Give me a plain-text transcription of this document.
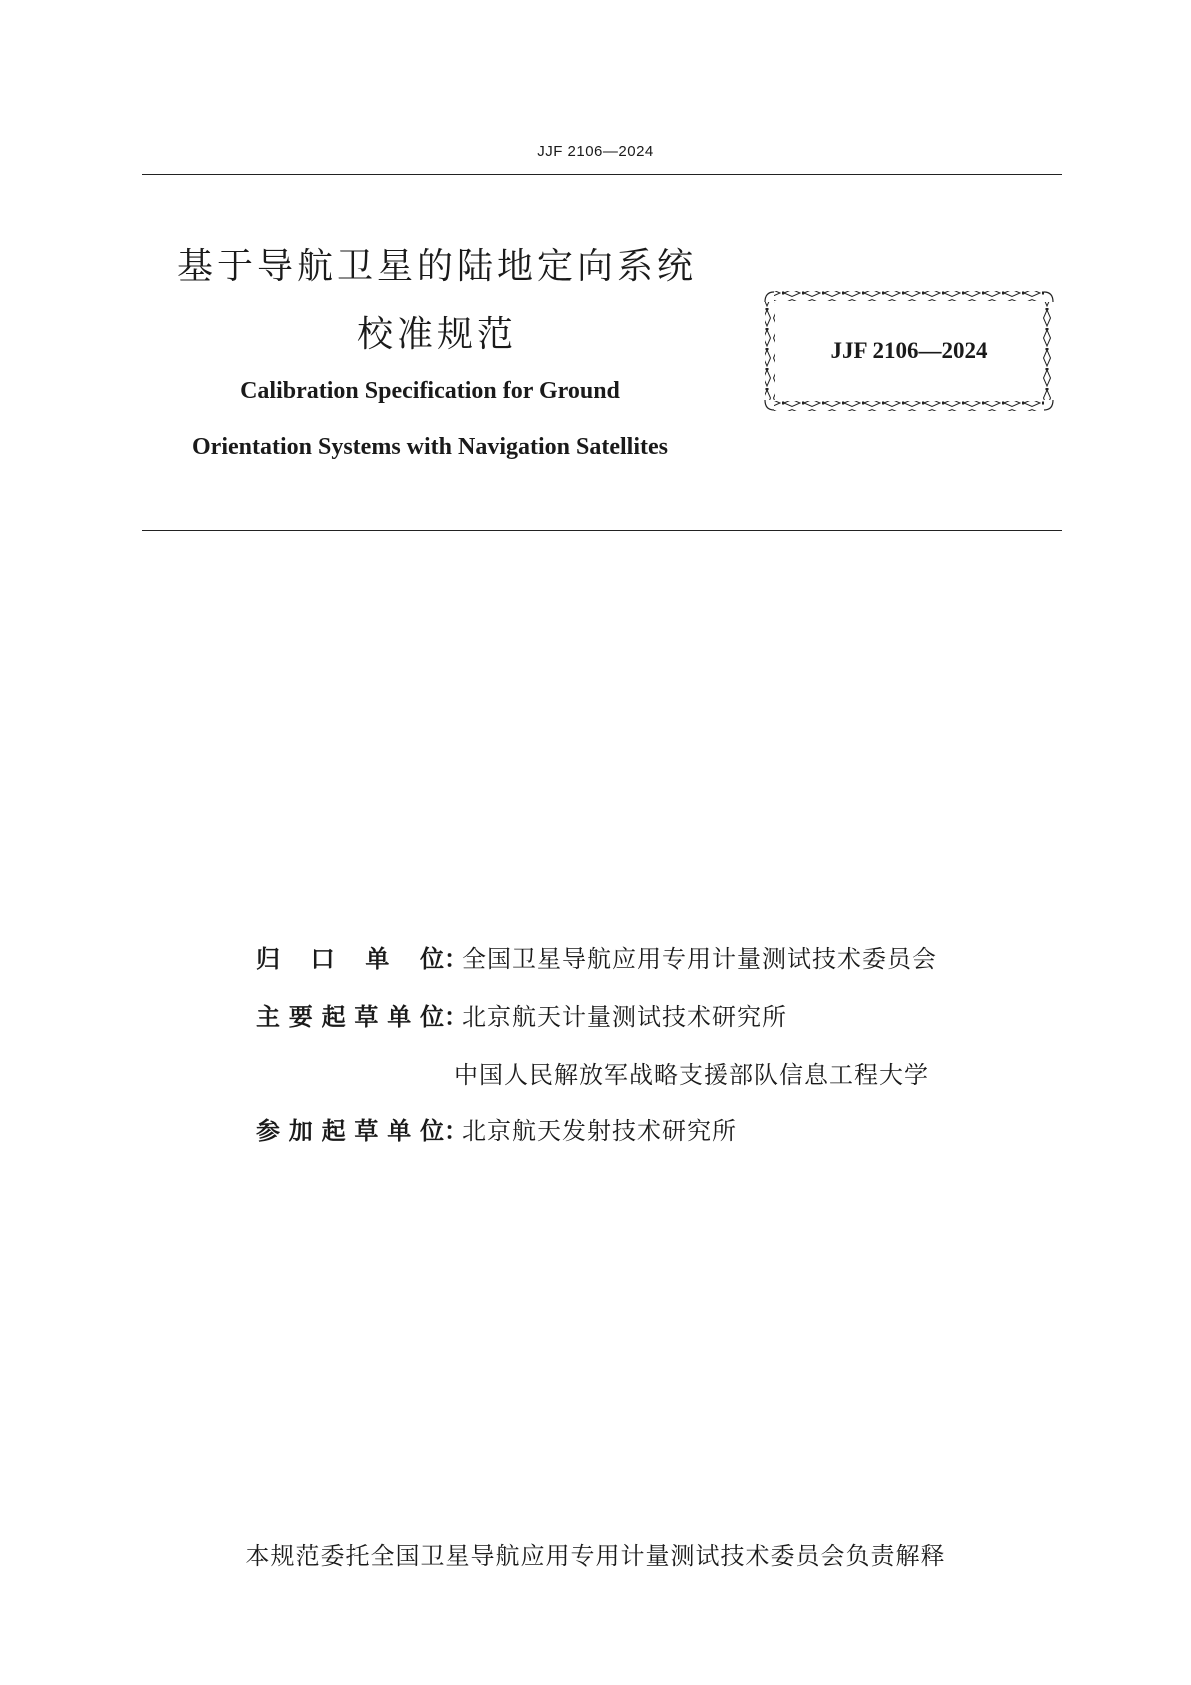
JJF 2106—2024
基于导航卫星的陆地定向系统
校准规范
Calibration Specification for Ground
Orientation Systems with Navigation Satellites
JJF 2106—2024
归口单位 ：
全国卫星导航应用专用计量测试技术委员会
主要起草单位 ：
北京航天计量测试技术研究所
中国人民解放军战略支援部队信息工程大学
参加起草单位 ：
北京航天发射技术研究所
本规范委托全国卫星导航应用专用计量测试技术委员会负责解释
